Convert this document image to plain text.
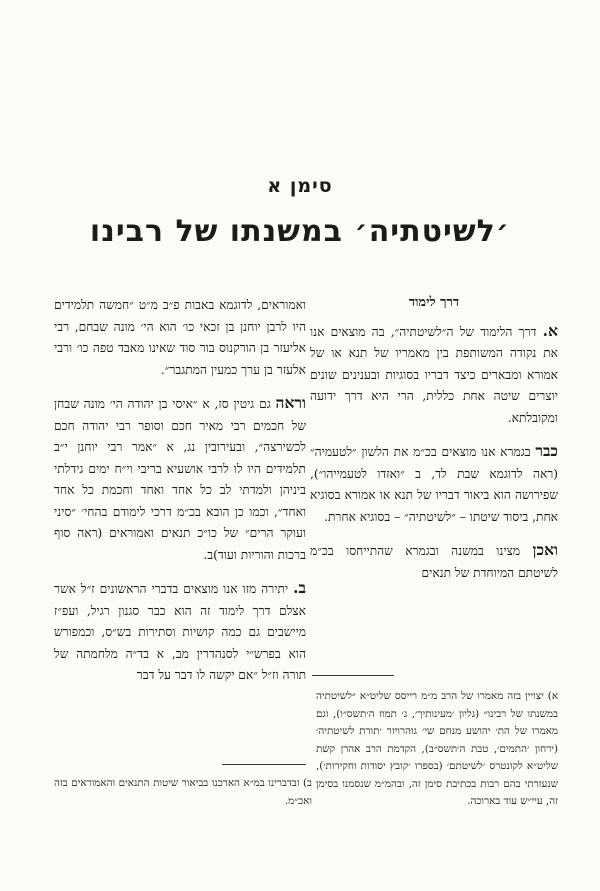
סימן א
׳לשיטתיה׳ במשנתו של רבינו
דרך לימוד

א. דרך הלימוד של ה״לשיטתיה״, בה מוצאים אנו את נקודה המשותפת בין מאמריו של תנא או של אמורא ומבארים כיצד דבריו בסוגיות ובענינים שונים יוצרים שיטה אחת כללית, הרי היא דרך ידועה ומקובלתא.

כבר בגמרא אנו מוצאים בכ״מ את הלשון ״לטעמיה״ (ראה לדוגמא שבת לד, ב ״ואזדו לטעמייהו״), שפירושה הוא ביאור דבריו של תנא או אמורא בסוגיא אחת, ביסוד שיטתו – ״לשיטתיה״ – בסוגיא אחרת.

ואכן מצינו במשנה ובגמרא שהתייחסו בכ״מ לשיטתם המיוחדת של תנאים

ואמוראים, לדוגמא באבות פ״ב מ״ט ״חמשה תלמידים היו לרבן יוחנן בן זכאי כו׳ הוא הי׳ מונה שבחם, רבי אליעזר בן הורקנוס בור סוד שאינו מאבד טפה כו׳ ורבי אלעזר בן ערך כמעין המתגבר״.

וראה גם גיטין סז, א ״איסי בן יהודה הי׳ מונה שבחן של חכמים רבי מאיר חכם וסופר רבי יהודה חכם לכשירצה״, ובעירובין נג, א ״אמר רבי יוחנן י״ב תלמידים היו לו לרבי אושעיא בריבי וי״ח ימים גידלתי ביניהן ולמדתי לב כל אחד ואחד וחכמת כל אחד ואחד״, וכמו כן הובא בכ״מ דרכי לימודם בהחי׳ ״סיני ועוקר הרים״ של כו״כ תנאים ואמוראים (ראה סוף ברכות והוריות ועוד)ב.

ב. יתירה מזו אנו מוצאים בדברי הראשונים ז״ל אשר אצלם דרך לימוד זה הוא כבר סגנון רגיל, ועפ״ז מיישבים גם כמה קושיות וסתירות בש״ס, וכמפורש הוא בפרש״י לסנהדרין מב, א בד״ה מלחמתה של תורה וז״ל ״אם יקשה לו דבר על דבר

א) יצויין בזה מאמרו של הרב מ״מ רייסס שליט״א ״לשיטתיה במשנתו של רבינו״ (גליון ׳מעינותיך׳, ג׳ תמוז ה׳תשס״ו), וגם מאמרו של הת׳ יהושע מנחם שי׳ גוהרויזר ׳תורת לשיטתיה׳ (ירחון ׳התמים׳, טבת ה׳תשס״ב), הקדמת הרב אהרן קשת שליט״א לקונטרס ׳לשיטתם׳ (בספרו ׳קובץ יסודות וחקירות׳), שנעזרתי בהם רבות בכתיבת סימן זה, ובהמ״מ שנסמנו בסימן זה, עיי״ש עוד בארוכה.
ב) ובדברינו במ״א הארכנו בביאור שיטות התנאים והאמוראים בזה ואכ״מ.
